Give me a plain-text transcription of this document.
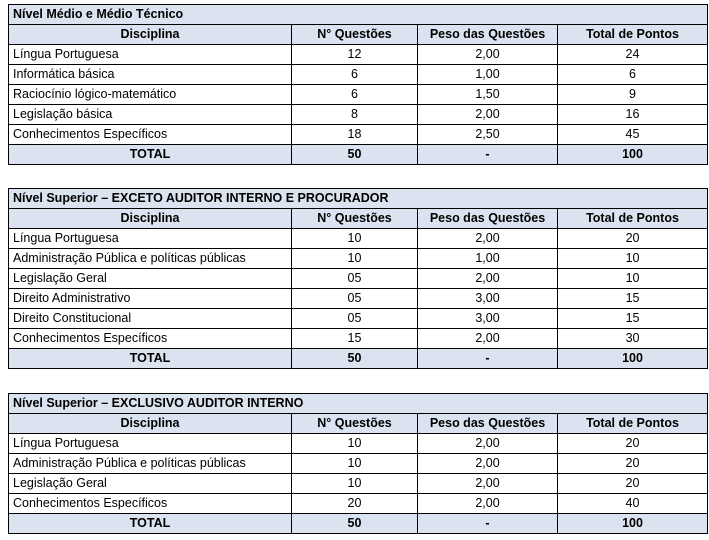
Nível Médio e Médio Técnico			
Disciplina	N° Questões	Peso das Questões	Total de Pontos
Língua Portuguesa	12	2,00	24
Informática básica	6	1,00	6
Raciocínio lógico-matemático	6	1,50	9
Legislação básica	8	2,00	16
Conhecimentos Específicos	18	2,50	45
TOTAL	50	-	100
Nível Superior – EXCETO AUDITOR INTERNO E PROCURADOR			
Disciplina	N° Questões	Peso das Questões	Total de Pontos
Língua Portuguesa	10	2,00	20
Administração Pública e políticas públicas	10	1,00	10
Legislação Geral	05	2,00	10
Direito Administrativo	05	3,00	15
Direito Constitucional	05	3,00	15
Conhecimentos Específicos	15	2,00	30
TOTAL	50	-	100
Nível Superior – EXCLUSIVO AUDITOR INTERNO			
Disciplina	N° Questões	Peso das Questões	Total de Pontos
Língua Portuguesa	10	2,00	20
Administração Pública e políticas públicas	10	2,00	20
Legislação Geral	10	2,00	20
Conhecimentos Específicos	20	2,00	40
TOTAL	50	-	100
